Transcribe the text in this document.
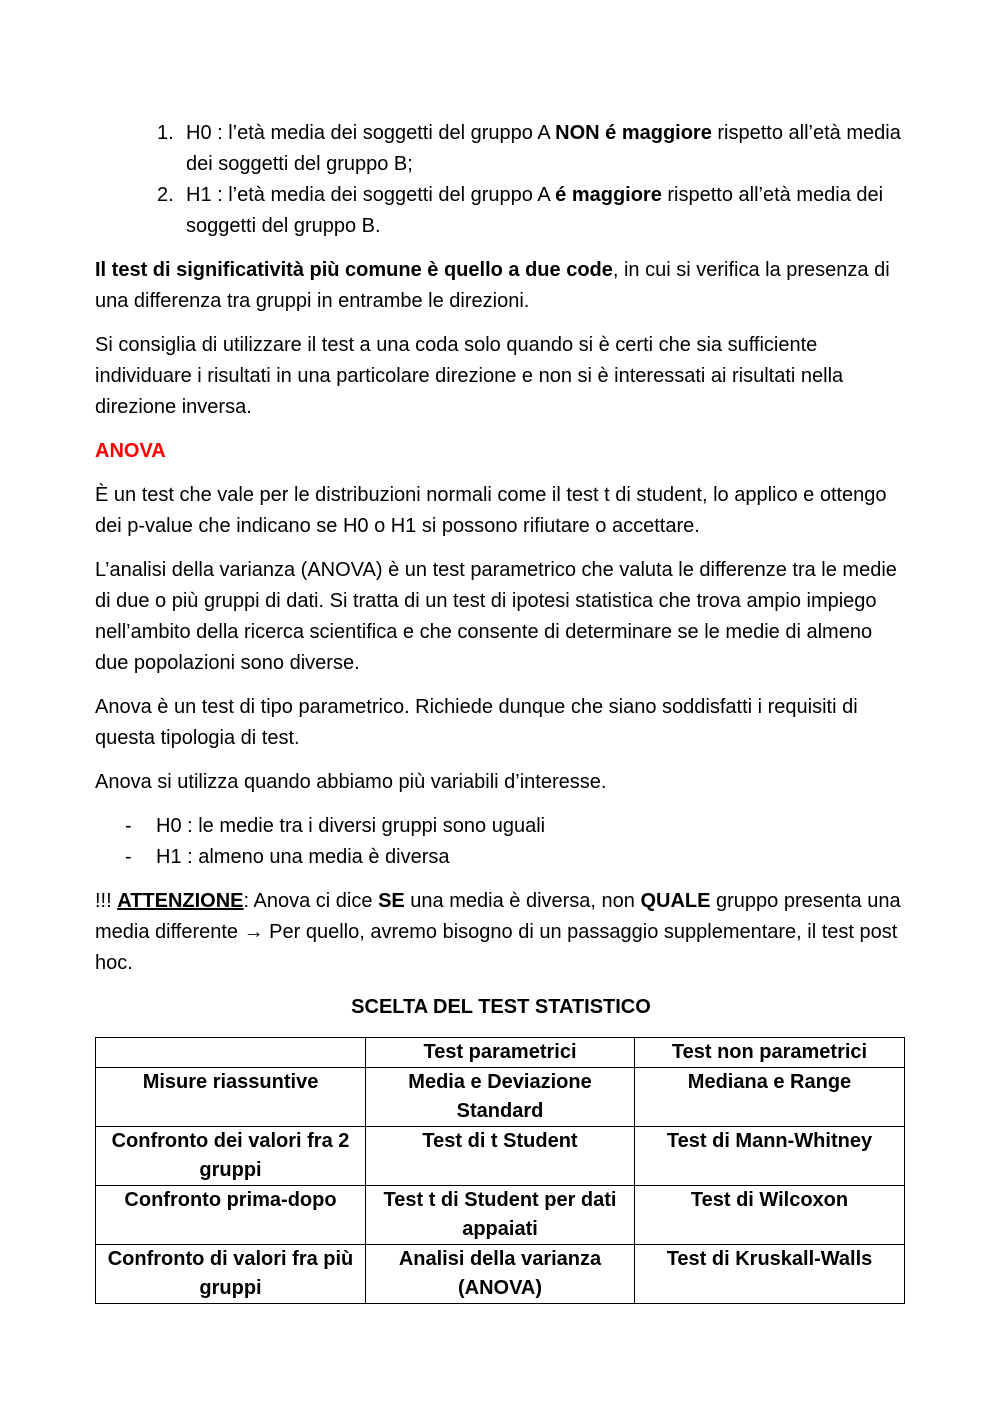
1. H0 : l’età media dei soggetti del gruppo A NON é maggiore rispetto all’età media dei soggetti del gruppo B;
2. H1 : l’età media dei soggetti del gruppo A é maggiore rispetto all’età media dei soggetti del gruppo B.

Il test di significatività più comune è quello a due code, in cui si verifica la presenza di una differenza tra gruppi in entrambe le direzioni.

Si consiglia di utilizzare il test a una coda solo quando si è certi che sia sufficiente individuare i risultati in una particolare direzione e non si è interessati ai risultati nella direzione inversa.

ANOVA

È un test che vale per le distribuzioni normali come il test t di student, lo applico e ottengo dei p-value che indicano se H0 o H1 si possono rifiutare o accettare.

L’analisi della varianza (ANOVA) è un test parametrico che valuta le differenze tra le medie di due o più gruppi di dati. Si tratta di un test di ipotesi statistica che trova ampio impiego nell’ambito della ricerca scientifica e che consente di determinare se le medie di almeno due popolazioni sono diverse.

Anova è un test di tipo parametrico. Richiede dunque che siano soddisfatti i requisiti di questa tipologia di test.

Anova si utilizza quando abbiamo più variabili d’interesse.

- H0 : le medie tra i diversi gruppi sono uguali
- H1 : almeno una media è diversa

!!! ATTENZIONE: Anova ci dice SE una media è diversa, non QUALE gruppo presenta una media differente → Per quello, avremo bisogno di un passaggio supplementare, il test post hoc.

SCELTA DEL TEST STATISTICO
	Test parametrici	Test non parametrici
Misure riassuntive	Media e Deviazione Standard	Mediana e Range
Confronto dei valori fra 2 gruppi	Test di t Student	Test di Mann-Whitney
Confronto prima-dopo	Test t di Student per dati appaiati	Test di Wilcoxon
Confronto di valori fra più gruppi	Analisi della varianza (ANOVA)	Test di Kruskall-Walls
